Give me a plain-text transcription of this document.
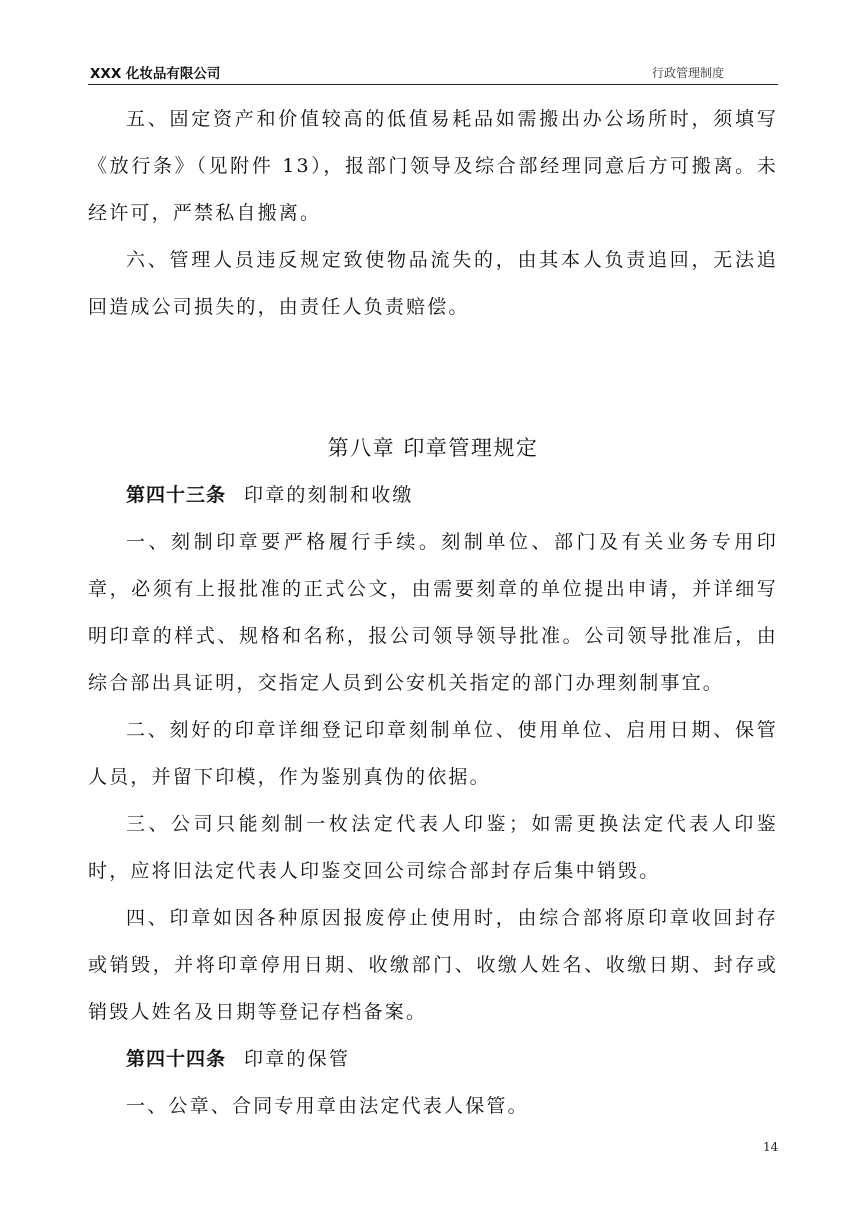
XXX 化妆品有限公司	行政管理制度

五、固定资产和价值较高的低值易耗品如需搬出办公场所时，须填写《放行条》（见附件 13），报部门领导及综合部经理同意后方可搬离。未经许可，严禁私自搬离。

六、管理人员违反规定致使物品流失的，由其本人负责追回，无法追回造成公司损失的，由责任人负责赔偿。

第八章 印章管理规定

第四十三条 印章的刻制和收缴

一、刻制印章要严格履行手续。刻制单位、部门及有关业务专用印章，必须有上报批准的正式公文，由需要刻章的单位提出申请，并详细写明印章的样式、规格和名称，报公司领导领导批准。公司领导批准后，由综合部出具证明，交指定人员到公安机关指定的部门办理刻制事宜。

二、刻好的印章详细登记印章刻制单位、使用单位、启用日期、保管人员，并留下印模，作为鉴别真伪的依据。

三、公司只能刻制一枚法定代表人印鉴；如需更换法定代表人印鉴时，应将旧法定代表人印鉴交回公司综合部封存后集中销毁。

四、印章如因各种原因报废停止使用时，由综合部将原印章收回封存或销毁，并将印章停用日期、收缴部门、收缴人姓名、收缴日期、封存或销毁人姓名及日期等登记存档备案。

第四十四条 印章的保管

一、公章、合同专用章由法定代表人保管。

14
